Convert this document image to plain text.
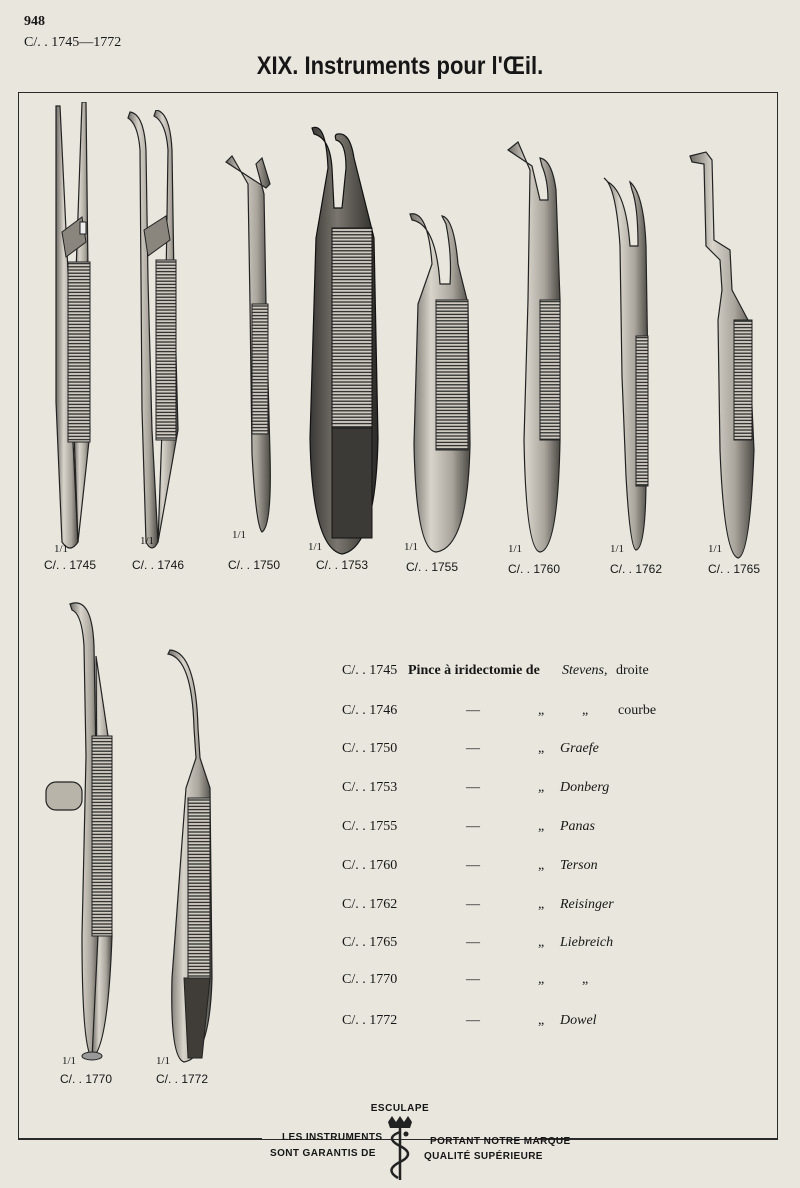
948
C/. . 1745—1772
XIX. Instruments pour l'Œil.
1/1
C/. . 1745
1/1
C/. . 1746
1/1
C/. . 1750
1/1
C/. . 1753
1/1
C/. . 1755
1/1
C/. . 1760
1/1
C/. . 1762
1/1
C/. . 1765
1/1
C/. . 1770
1/1
C/. . 1772
C/. . 1745 Pince à iridectomie de Stevens, droite
C/. . 1746	—	„	„ courbe
C/. . 1750	—	„ Graefe
C/. . 1753	—	„ Donberg
C/. . 1755	—	„ Panas
C/. . 1760	—	„ Terson
C/. . 1762	—	„ Reisinger
C/. . 1765	—	„ Liebreich
C/. . 1770	—	„	„
C/. . 1772	—	„ Dowel
ESCULAPE
LES INSTRUMENTS
SONT GARANTIS DE
PORTANT NOTRE MARQUE
QUALITÉ SUPÉRIEURE
